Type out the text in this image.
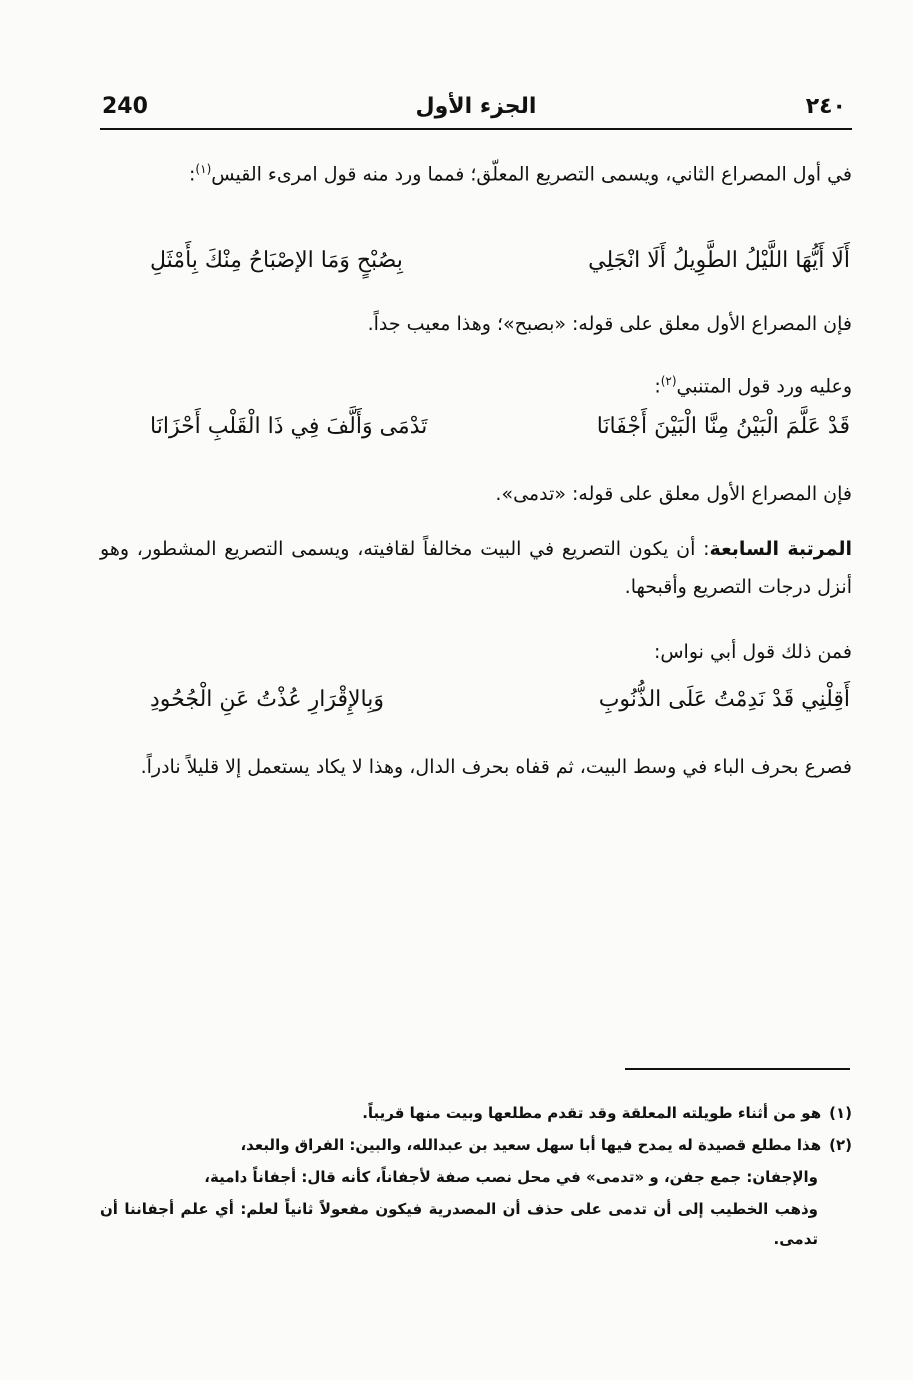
٢٤٠
الجزء الأول
240

في أول المصراع الثاني، ويسمى التصريع المعلّق؛ فمما ورد منه قول امرىء القيس$^{(١)}$:

أَلَا أَيُّهَا اللَّيْلُ الطَّوِيلُ أَلَا انْجَلِي
بِصُبْحٍ وَمَا الإصْبَاحُ مِنْكَ بِأَمْثَلِ

فإن المصراع الأول معلق على قوله: «بصبح»؛ وهذا معيب جداً.

وعليه ورد قول المتنبي$^{(٢)}$:

قَدْ عَلَّمَ الْبَيْنُ مِنَّا الْبَيْنَ أَجْفَانَا
تَدْمَى وَأَلَّفَ فِي ذَا الْقَلْبِ أَحْزَانَا

فإن المصراع الأول معلق على قوله: «تدمى».

المرتبة السابعة: أن يكون التصريع في البيت مخالفاً لقافيته، ويسمى التصريع المشطور، وهو أنزل درجات التصريع وأقبحها.

فمن ذلك قول أبي نواس:

أَقِلْنِي قَدْ نَدِمْتُ عَلَى الذُّنُوبِ
وَبِالإِقْرَارِ عُذْتُ عَنِ الْجُحُودِ

فصرع بحرف الباء في وسط البيت، ثم قفاه بحرف الدال، وهذا لا يكاد يستعمل إلا قليلاً نادراً.

(١)هو من أثناء طويلته المعلقة وقد تقدم مطلعها وبيت منها قريباً.

(٢)هذا مطلع قصيدة له يمدح فيها أبا سهل سعيد بن عبدالله، والبين: الفراق والبعد،

والإجفان: جمع جفن، و «تدمى» في محل نصب صفة لأجفاناً، كأنه قال: أجفاناً دامية،

وذهب الخطيب إلى أن تدمى على حذف أن المصدرية فيكون مفعولاً ثانياً لعلم: أي علم أجفاننا أن تدمى.
